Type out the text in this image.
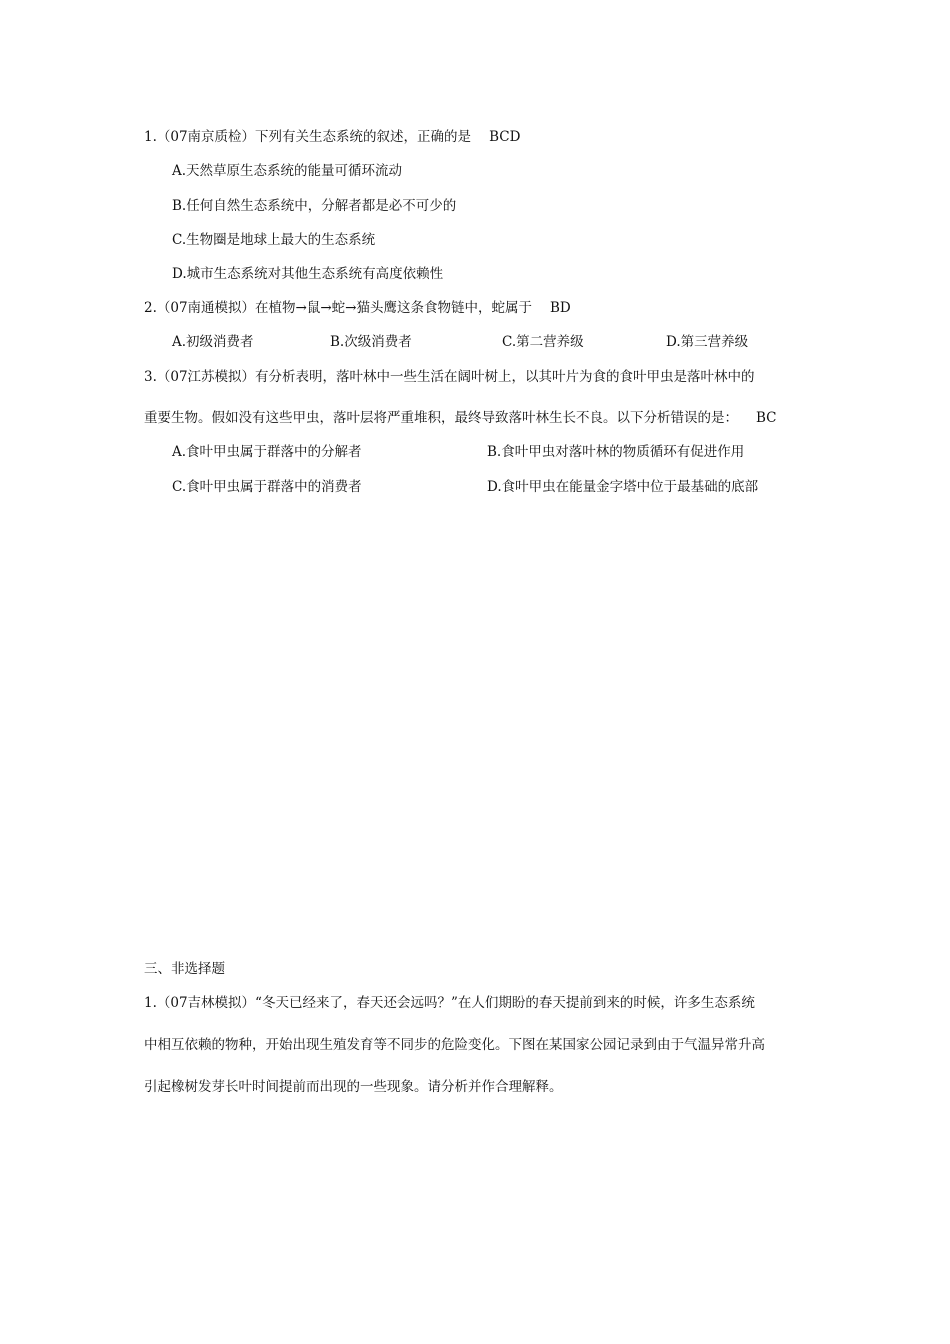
1.（07南京质检）下列有关生态系统的叙述，正确的是 BCD
A.天然草原生态系统的能量可循环流动
B.任何自然生态系统中，分解者都是必不可少的
C.生物圈是地球上最大的生态系统
D.城市生态系统对其他生态系统有高度依赖性
2.（07南通模拟）在植物→鼠→蛇→猫头鹰这条食物链中，蛇属于 BD
A.初级消费者	B.次级消费者	C.第二营养级	D.第三营养级
3.（07江苏模拟）有分析表明，落叶林中一些生活在阔叶树上，以其叶片为食的食叶甲虫是落叶林中的
重要生物。假如没有这些甲虫，落叶层将严重堆积，最终导致落叶林生长不良。以下分析错误的是： BC
A.食叶甲虫属于群落中的分解者	B.食叶甲虫对落叶林的物质循环有促进作用
C.食叶甲虫属于群落中的消费者	D.食叶甲虫在能量金字塔中位于最基础的底部
三、非选择题
1.（07吉林模拟）“冬天已经来了，春天还会远吗？”在人们期盼的春天提前到来的时候，许多生态系统
中相互依赖的物种，开始出现生殖发育等不同步的危险变化。下图在某国家公园记录到由于气温异常升高
引起橡树发芽长叶时间提前而出现的一些现象。请分析并作合理解释。
